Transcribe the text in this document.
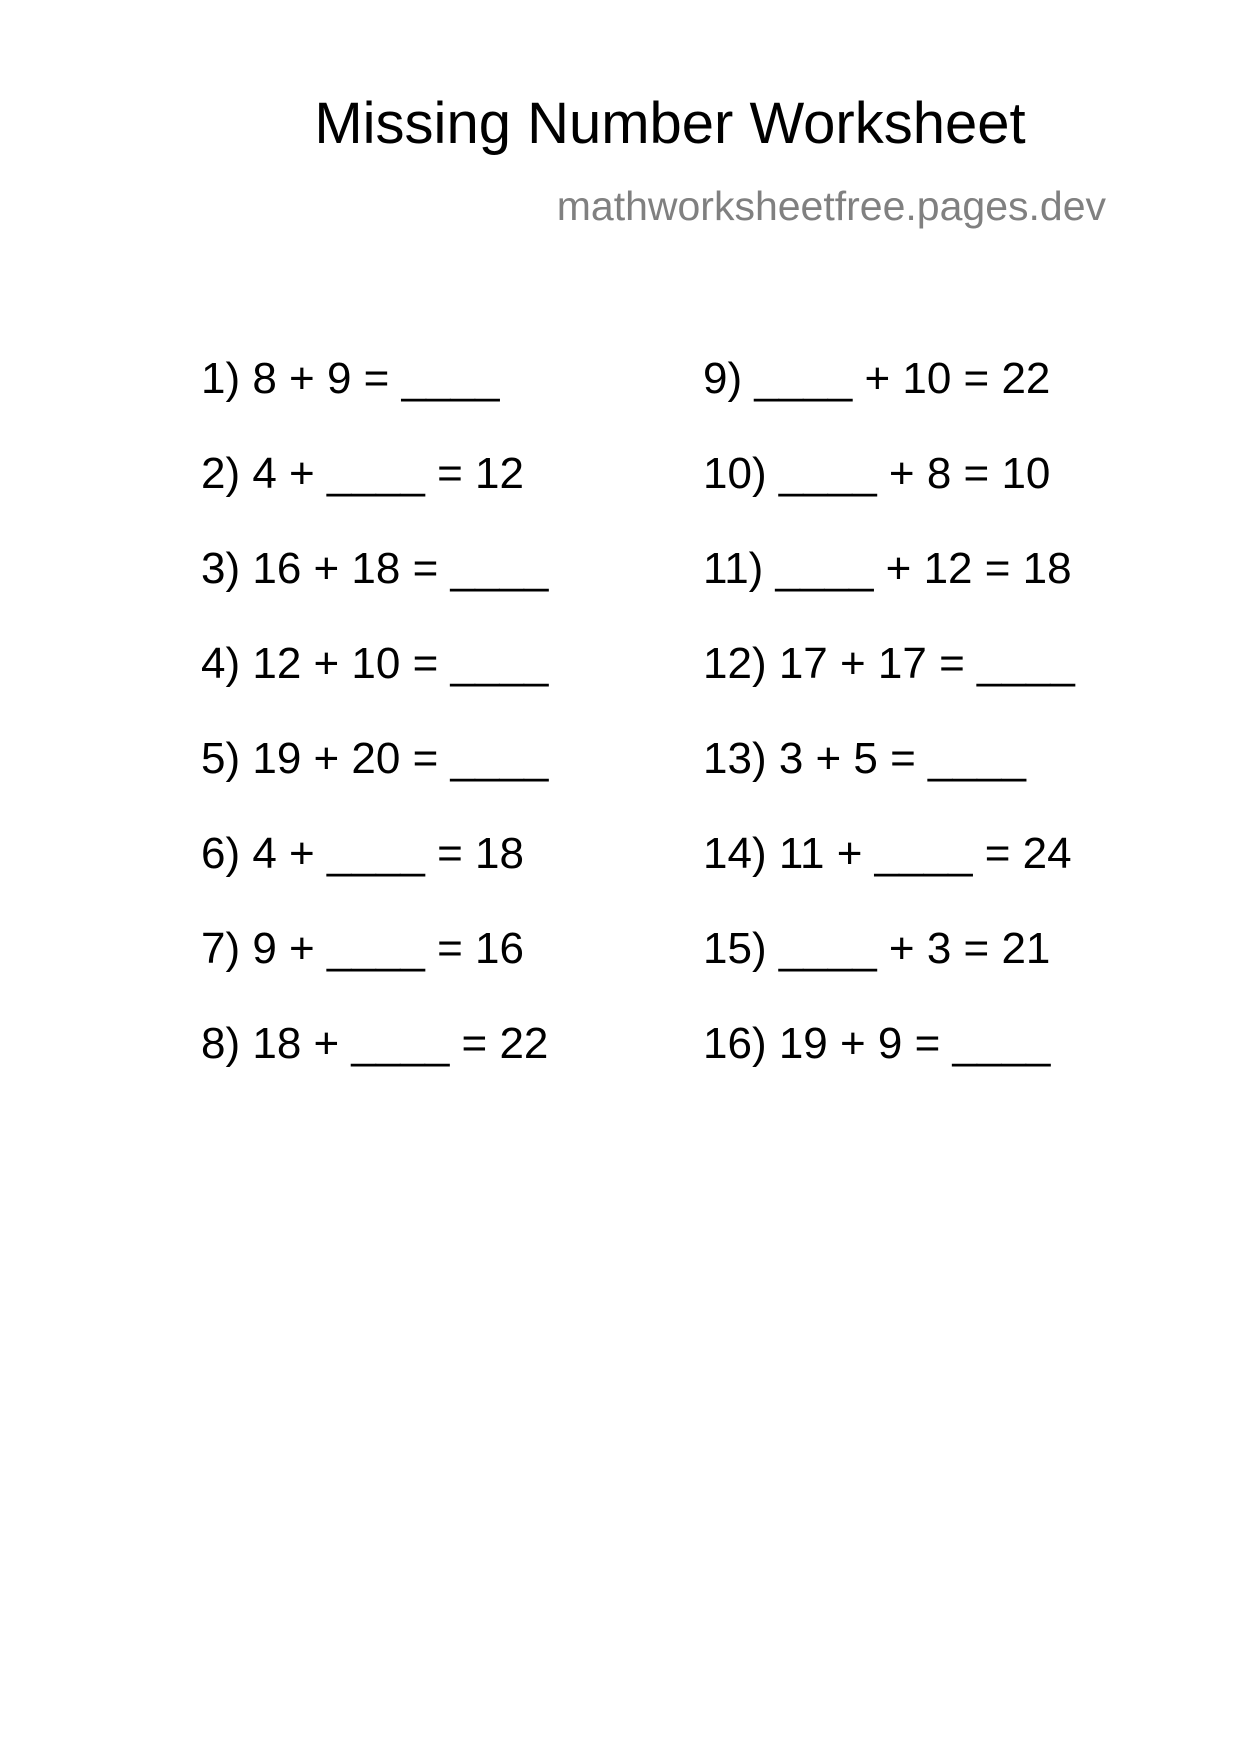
Missing Number Worksheet
mathworksheetfree.pages.dev
1) 8 + 9 = ____
2) 4 + ____ = 12
3) 16 + 18 = ____
4) 12 + 10 = ____
5) 19 + 20 = ____
6) 4 + ____ = 18
7) 9 + ____ = 16
8) 18 + ____ = 22
9) ____ + 10 = 22
10) ____ + 8 = 10
11) ____ + 12 = 18
12) 17 + 17 = ____
13) 3 + 5 = ____
14) 11 + ____ = 24
15) ____ + 3 = 21
16) 19 + 9 = ____
